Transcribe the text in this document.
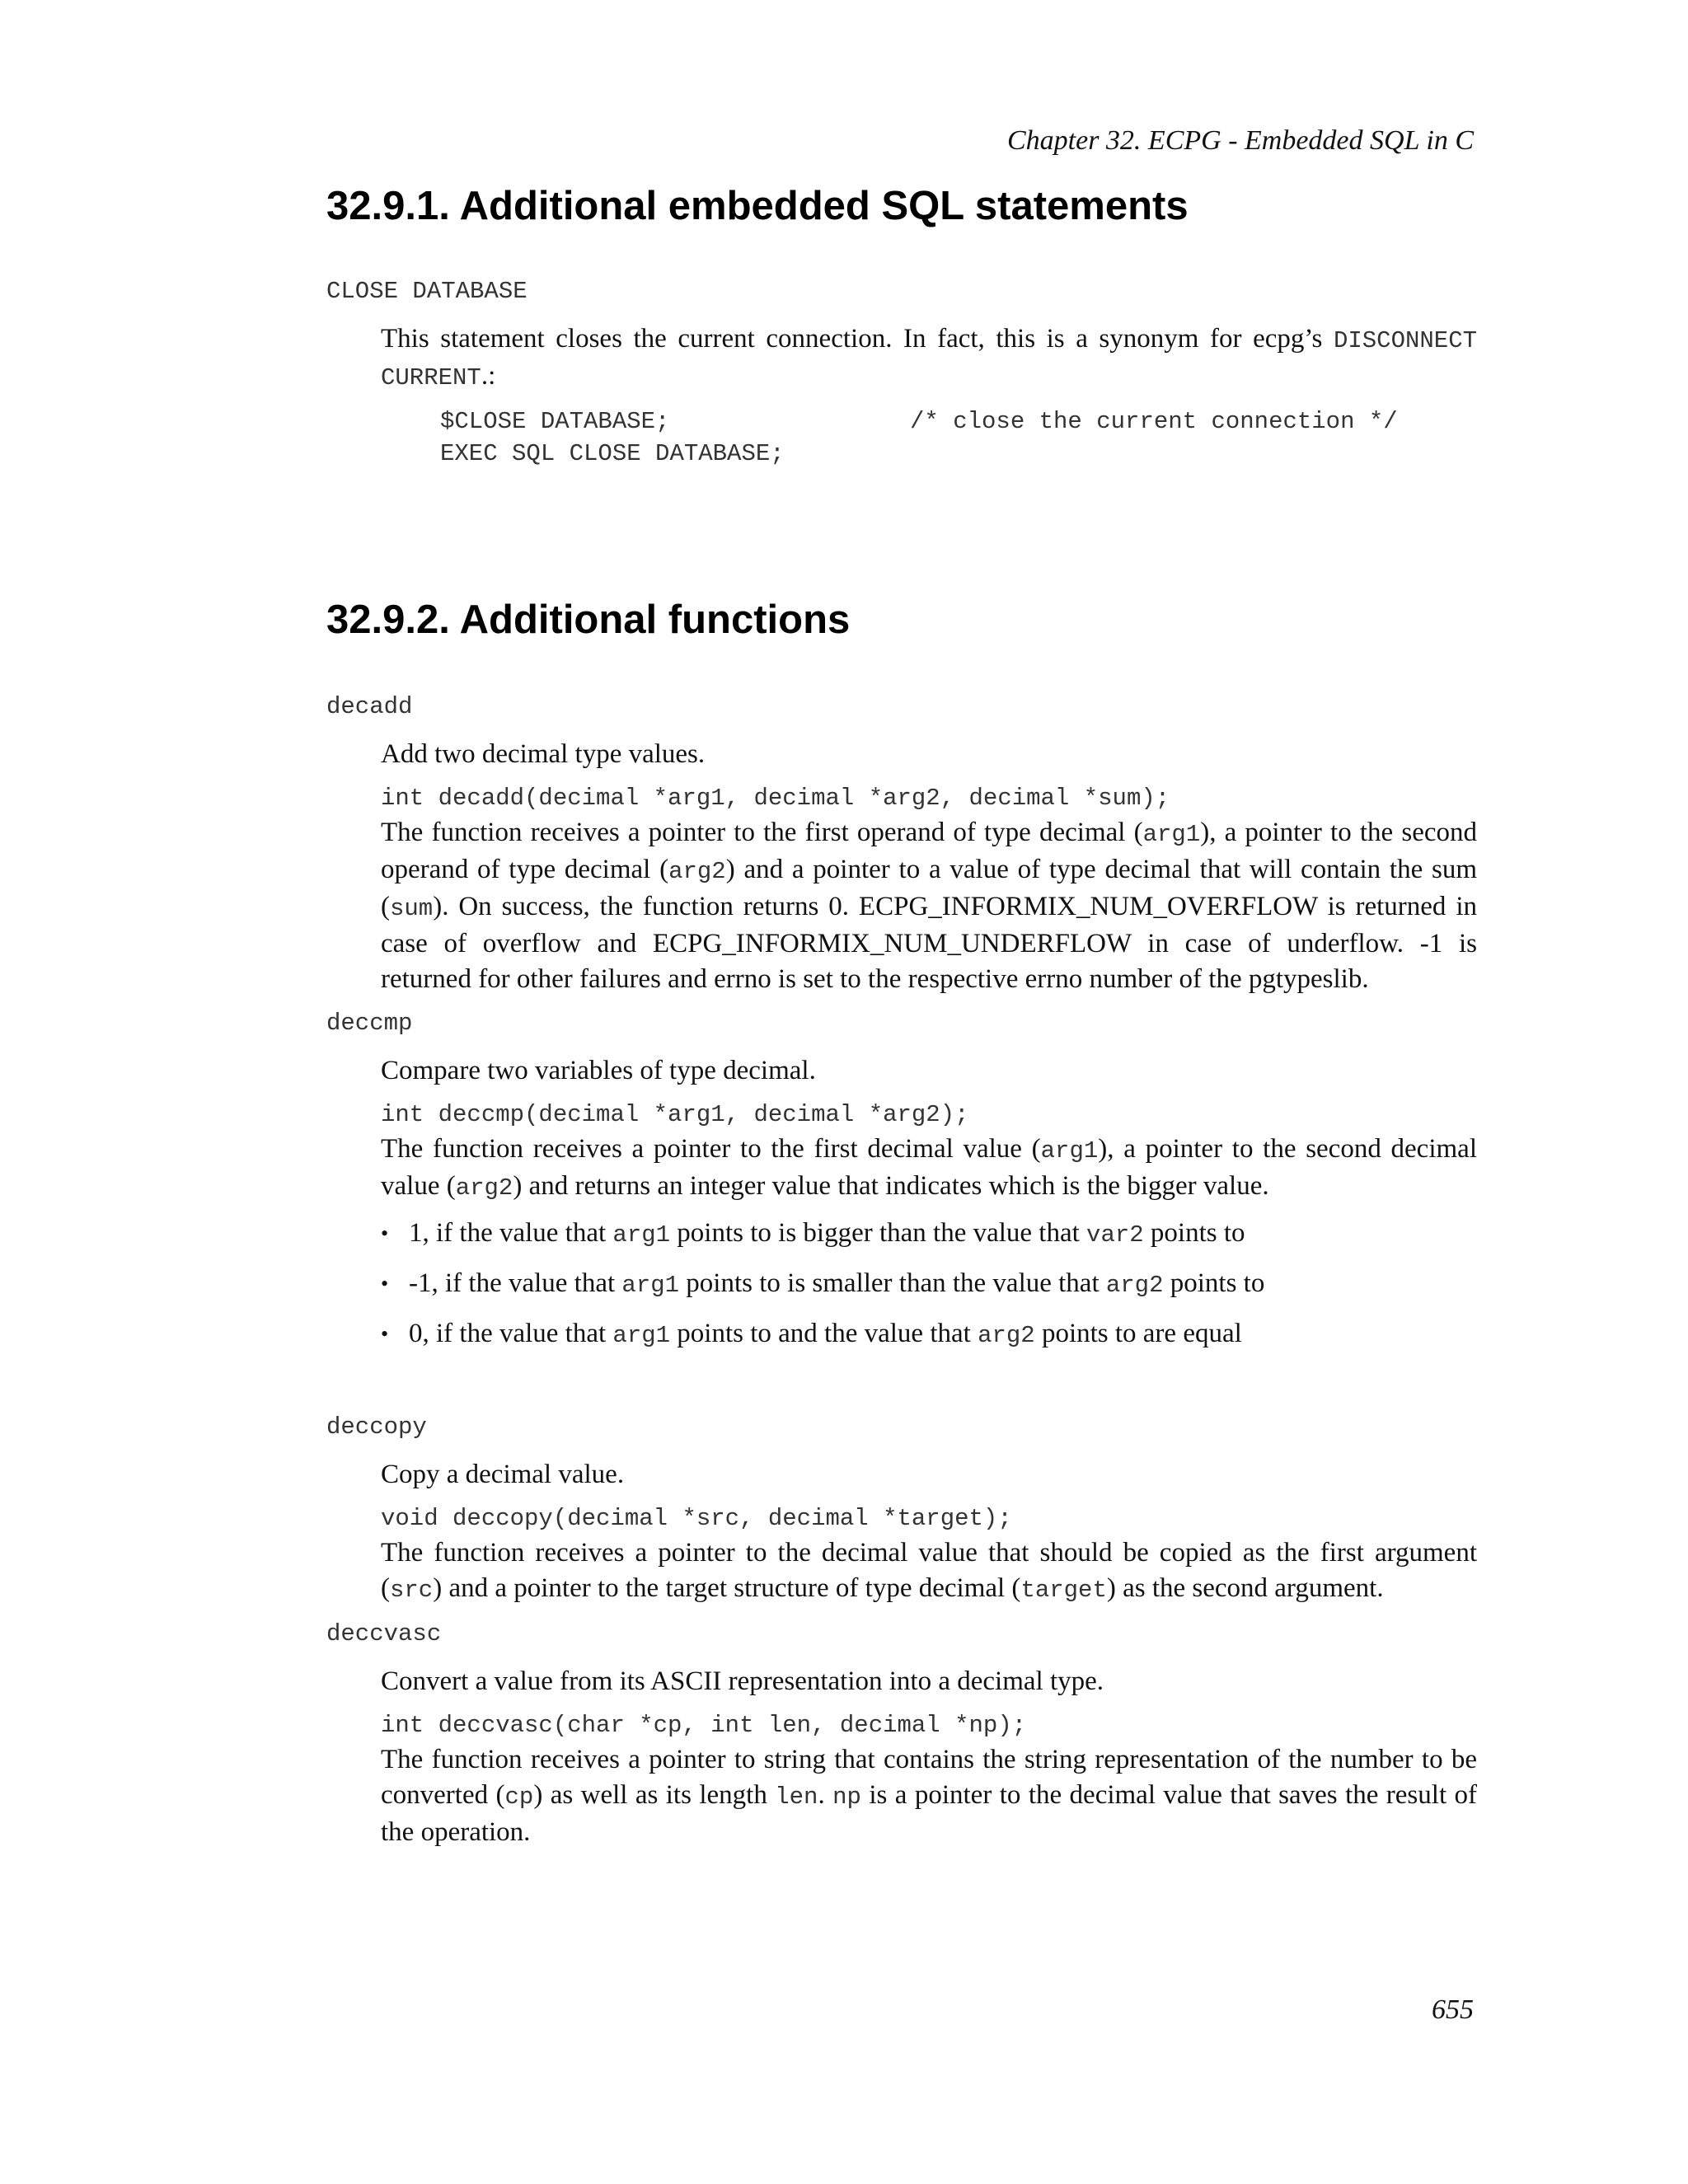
Chapter 32. ECPG - Embedded SQL in C
32.9.1. Additional embedded SQL statements
CLOSE DATABASE

This statement closes the current connection. In fact, this is a synonym for ecpg’s DISCONNECT CURRENT.:

$CLOSE DATABASE;	/* close the current connection */
EXEC SQL CLOSE DATABASE;
32.9.2. Additional functions
decadd

Add two decimal type values.

int decadd(decimal *arg1, decimal *arg2, decimal *sum);

The function receives a pointer to the first operand of type decimal (arg1), a pointer to the second operand of type decimal (arg2) and a pointer to a value of type decimal that will contain the sum (sum). On success, the function returns 0. ECPG_INFORMIX_NUM_OVERFLOW is returned in case of overflow and ECPG_INFORMIX_NUM_UNDERFLOW in case of underflow. -1 is returned for other failures and errno is set to the respective errno number of the pgtypeslib.

deccmp

Compare two variables of type decimal.

int deccmp(decimal *arg1, decimal *arg2);

The function receives a pointer to the first decimal value (arg1), a pointer to the second decimal value (arg2) and returns an integer value that indicates which is the bigger value.

• 1, if the value that arg1 points to is bigger than the value that var2 points to
• -1, if the value that arg1 points to is smaller than the value that arg2 points to
• 0, if the value that arg1 points to and the value that arg2 points to are equal
deccopy

Copy a decimal value.

void deccopy(decimal *src, decimal *target);

The function receives a pointer to the decimal value that should be copied as the first argument (src) and a pointer to the target structure of type decimal (target) as the second argument.

deccvasc

Convert a value from its ASCII representation into a decimal type.

int deccvasc(char *cp, int len, decimal *np);

The function receives a pointer to string that contains the string representation of the number to be converted (cp) as well as its length len. np is a pointer to the decimal value that saves the result of the operation.

655
